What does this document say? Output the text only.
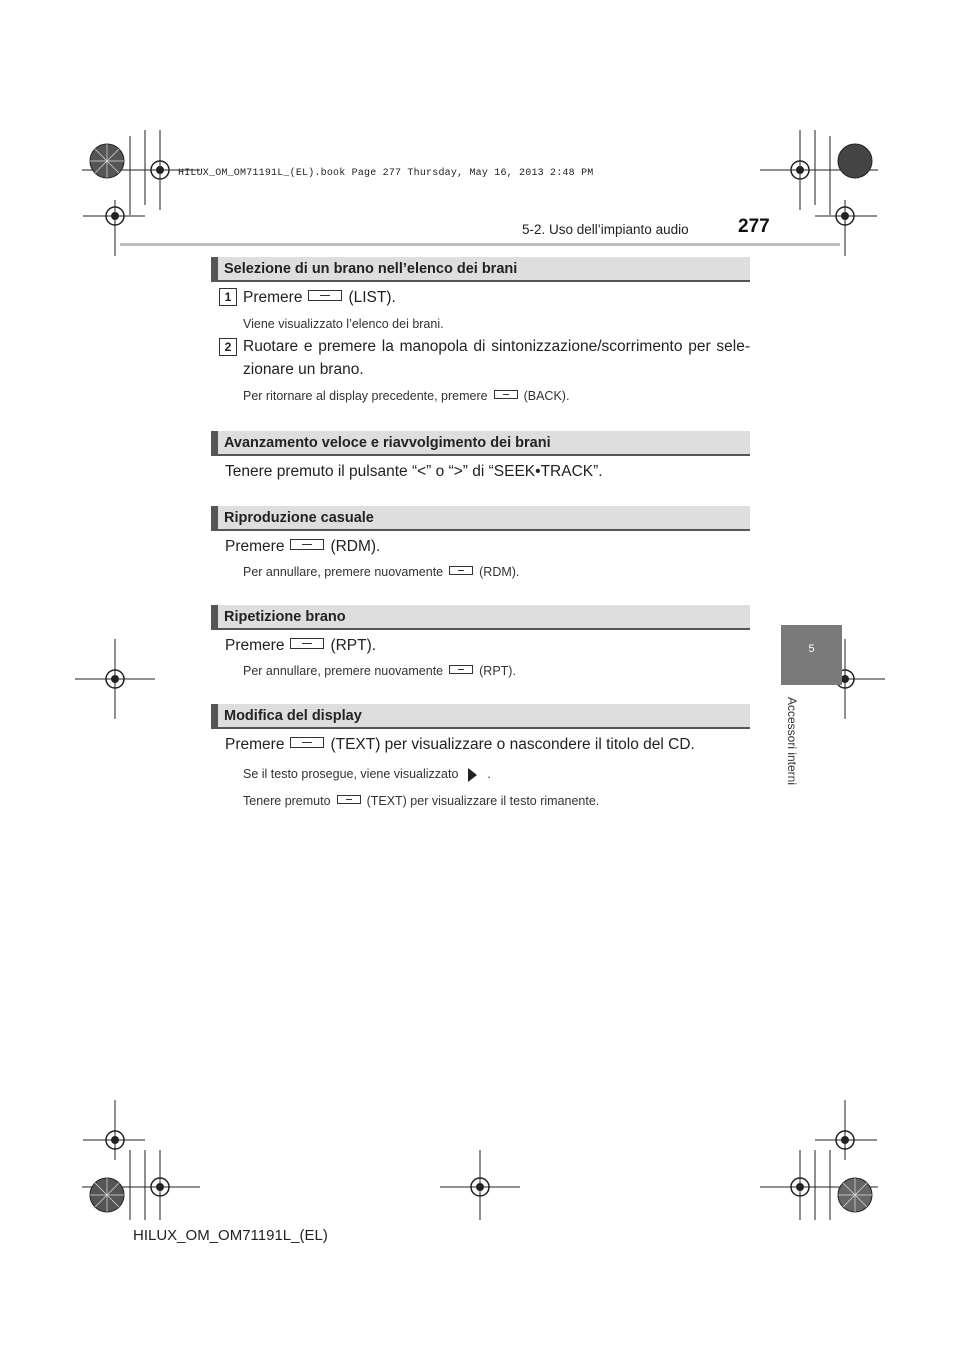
HILUX_OM_OM71191L_(EL).book Page 277 Thursday, May 16, 2013 2:48 PM
5-2. Uso dell’impianto audio	277
Selezione di un brano nell’elenco dei brani
1 Premere	(LIST).
Viene visualizzato l’elenco dei brani.
2 Ruotare e premere la manopola di sintonizzazione/scorrimento per sele-
zionare un brano.
Per ritornare al display precedente, premere	(BACK).
Avanzamento veloce e riavvolgimento dei brani
Tenere premuto il pulsante “<” o “>” di “SEEK•TRACK”.
Riproduzione casuale
Premere	(RDM).
Per annullare, premere nuovamente	(RDM).
Ripetizione brano
Premere	(RPT).
Per annullare, premere nuovamente	(RPT).
Modifica del display
Premere	(TEXT) per visualizzare o nascondere il titolo del CD.
Se il testo prosegue, viene visualizzato .
Tenere premuto	(TEXT) per visualizzare il testo rimanente.
5
Accessori interni
HILUX_OM_OM71191L_(EL)
